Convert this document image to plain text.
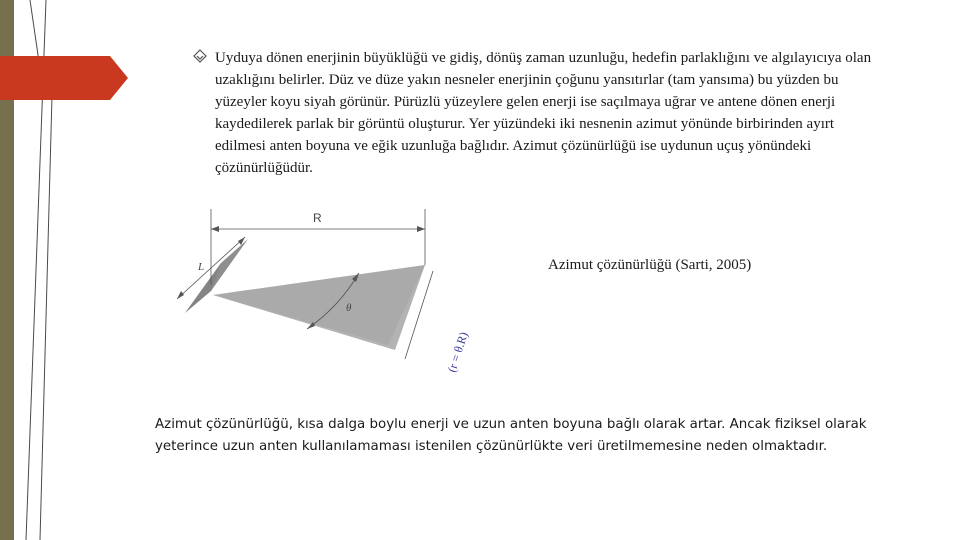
Uyduya dönen enerjinin büyüklüğü ve gidiş, dönüş zaman uzunluğu, hedefin parlaklığını ve algılayıcıya olan uzaklığını belirler. Düz ve düze yakın nesneler enerjinin çoğunu yansıtırlar (tam yansıma) bu yüzden bu yüzeyler koyu siyah görünür. Pürüzlü yüzeylere gelen enerji ise saçılmaya uğrar ve antene dönen enerji kaydedilerek parlak bir görüntü oluşturur. Yer yüzündeki iki nesnenin azimut yönünde birbirinden ayırt edilmesi anten boyuna ve eğik uzunluğa bağlıdır. Azimut çözünürlüğü ise uydunun uçuş yönündeki çözünürlüğüdür.
R
L
θ
(r = θ.R)
Azimut çözünürlüğü (Sarti, 2005)
Azimut çözünürlüğü, kısa dalga boylu enerji ve uzun anten boyuna bağlı olarak artar. Ancak fiziksel olarak yeterince uzun anten kullanılamaması istenilen çözünürlükte veri üretilmemesine neden olmaktadır.
